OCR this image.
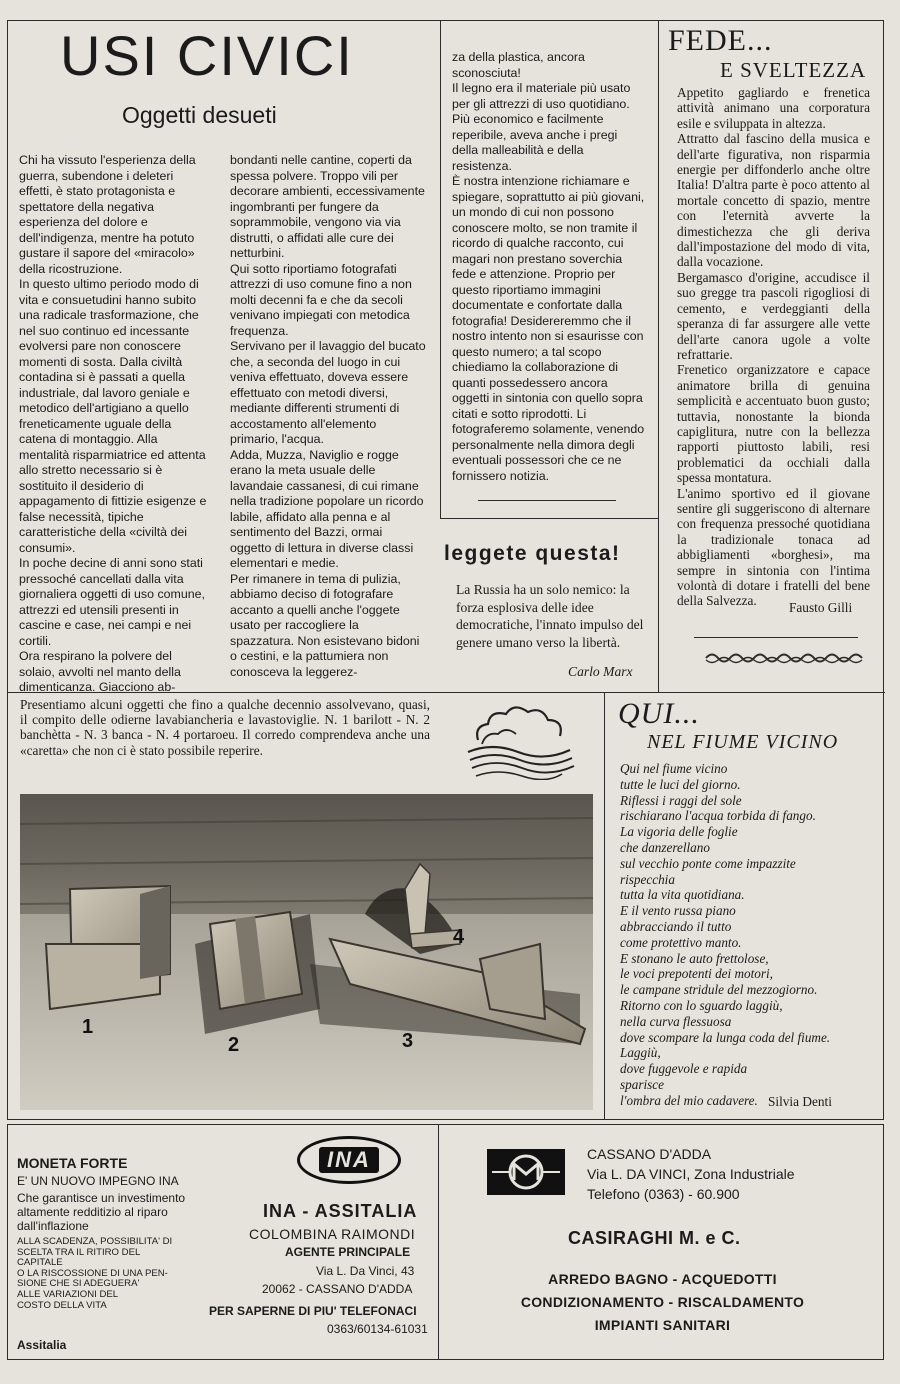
USI CIVICI
Oggetti desueti

Chi ha vissuto l'esperienza della guerra, subendone i deleteri effetti, è stato protagonista e spettatore della negativa esperienza del dolore e dell'indigenza, mentre ha potuto gustare il sapore del «miracolo» della ricostruzione.

In questo ultimo periodo modo di vita e consuetudini hanno subito una radicale trasformazione, che nel suo continuo ed incessante evolversi pare non conoscere momenti di sosta. Dalla civiltà contadina si è passati a quella industriale, dal lavoro geniale e metodico dell'artigiano a quello freneticamente uguale della catena di montaggio. Alla mentalità risparmiatrice ed attenta allo stretto necessario si è sostituito il desiderio di appagamento di fittizie esigenze e false necessità, tipiche caratteristiche della «civiltà dei consumi».

In poche decine di anni sono stati pressoché cancellati dalla vita giornaliera oggetti di uso comune, attrezzi ed utensili presenti in cascine e case, nei campi e nei cortili.

Ora respirano la polvere del solaio, avvolti nel manto della dimenticanza. Giacciono ab-

bondanti nelle cantine, coperti da spessa polvere. Troppo vili per decorare ambienti, eccessivamente ingombranti per fungere da soprammobile, vengono via via distrutti, o affidati alle cure dei netturbini.

Qui sotto riportiamo fotografati attrezzi di uso comune fino a non molti decenni fa e che da secoli venivano impiegati con metodica frequenza.

Servivano per il lavaggio del bucato che, a seconda del luogo in cui veniva effettuato, doveva essere effettuato con metodi diversi, mediante differenti strumenti di accostamento all'elemento primario, l'acqua.

Adda, Muzza, Naviglio e rogge erano la meta usuale delle lavandaie cassanesi, di cui rimane nella tradizione popolare un ricordo labile, affidato alla penna e al sentimento del Bazzi, ormai oggetto di lettura in diverse classi elementari e medie.

Per rimanere in tema di pulizia, abbiamo deciso di fotografare accanto a quelli anche l'oggete usato per raccogliere la spazzatura. Non esistevano bidoni o cestini, e la pattumiera non conosceva la leggerez-

za della plastica, ancora sconosciuta!

Il legno era il materiale più usato per gli attrezzi di uso quotidiano. Più economico e facilmente reperibile, aveva anche i pregi della malleabilità e della resistenza.

È nostra intenzione richiamare e spiegare, soprattutto ai più giovani, un mondo di cui non possono conoscere molto, se non tramite il ricordo di qualche racconto, cui magari non prestano soverchia fede e attenzione. Proprio per questo riportiamo immagini documentate e confortate dalla fotografia! Desidereremmo che il nostro intento non si esaurisse con questo numero; a tal scopo chiediamo la collaborazione di quanti possedessero ancora oggetti in sintonia con quello sopra citati e sotto riprodotti. Li fotograferemo solamente, venendo personalmente nella dimora degli eventuali possessori che ce ne fornissero notizia.

leggete questa!

La Russia ha un solo nemico: la forza esplosiva delle idee democratiche, l'innato impulso del genere umano verso la libertà.

Carlo Marx
FEDE...
E SVELTEZZA

Appetito gagliardo e frenetica attività animano una corporatura esile e sviluppata in altezza.

Attratto dal fascino della musica e dell'arte figurativa, non risparmia energie per diffonderlo anche oltre Italia! D'altra parte è poco attento al mortale concetto di spazio, mentre con l'eternità avverte la dimestichezza che gli deriva dall'impostazione del modo di vita, dalla vocazione.

Bergamasco d'origine, accudisce il suo gregge tra pascoli rigogliosi di cemento, e verdeggianti della speranza di far assurgere alle vette dell'arte canora ugole a volte refrattarie.

Frenetico organizzatore e capace animatore brilla di genuina semplicità e accentuato buon gusto; tuttavia, nonostante la bionda capiglitura, nutre con la bellezza rapporti piuttosto labili, resi problematici da occhiali dalla spessa montatura.

L'animo sportivo ed il giovane sentire gli suggeriscono di alternare con frequenza pressoché quotidiana la tradizionale tonaca ad abbigliamenti «borghesi», ma sempre in sintonia con l'intima volontà di dotare i fratelli del bene della Salvezza.	Fausto Gilli

Presentiamo alcuni oggetti che fino a qualche decennio assolvevano, quasi, il compito delle odierne lavabiancheria e lavastoviglie. N. 1 barilott - N. 2 banchètta - N. 3 banca - N. 4 portaroeu. Il corredo comprendeva anche una «caretta» che non ci è stato possibile reperire.

1
2	3
4
QUI...
NEL FIUME VICINO
Qui nel fiume vicino
tutte le luci del giorno.
Riflessi i raggi del sole
rischiarano l'acqua torbida di fango.
La vigoria delle foglie
che danzerellano
sul vecchio ponte come impazzite
rispecchia
tutta la vita quotidiana.
E il vento russa piano
abbracciando il tutto
come protettivo manto.
E stonano le auto frettolose,
le voci prepotenti dei motori,
le campane stridule del mezzogiorno.
Ritorno con lo sguardo laggiù,
nella curva flessuosa
dove scompare la lunga coda del fiume.
Laggiù,
dove fuggevole e rapida
sparisce
l'ombra del mio cadavere. Silvia Denti
MONETA FORTE
E' UN NUOVO IMPEGNO INA
Che garantisce un investimento altamente redditizio al riparo dall'inflazione
ALLA SCADENZA, POSSIBILITA' DI
SCELTA TRA IL RITIRO DEL
CAPITALE
O LA RISCOSSIONE DI UNA PEN-
SIONE CHE SI ADEGUERA'
ALLE VARIAZIONI DEL
COSTO DELLA VITA
Assitalia
INA
INA - ASSITALIA
COLOMBINA RAIMONDI
AGENTE PRINCIPALE
Via L. Da Vinci, 43
20062 - CASSANO D'ADDA
PER SAPERNE DI PIU' TELEFONACI
0363/60134-61031
CASSANO D'ADDA
Via L. DA VINCI, Zona Industriale
Telefono (0363) - 60.900
CASIRAGHI M. e C.
ARREDO BAGNO - ACQUEDOTTI
CONDIZIONAMENTO - RISCALDAMENTO
IMPIANTI SANITARI
